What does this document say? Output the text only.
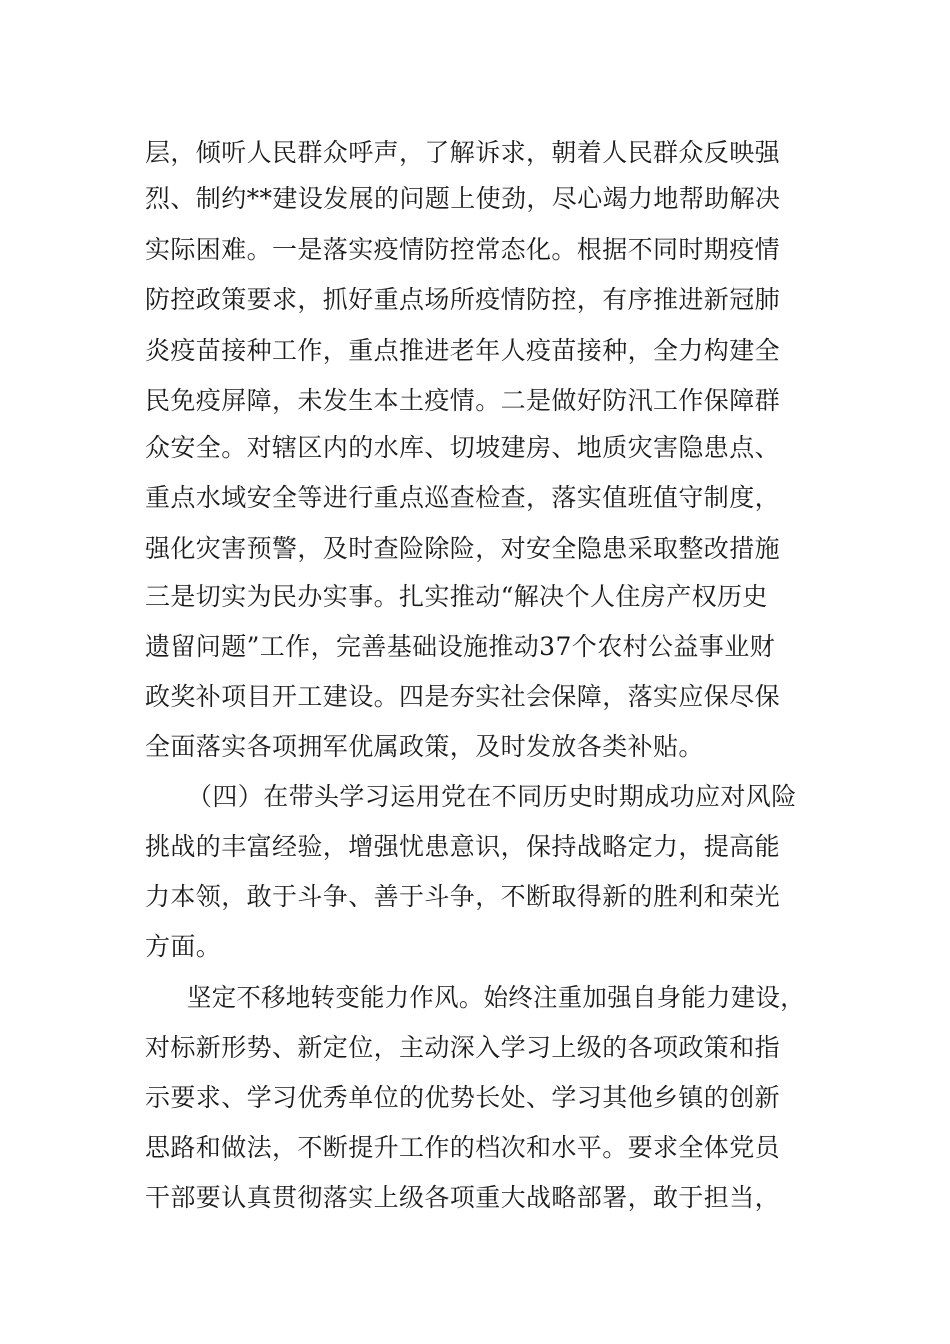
层，倾听人民群众呼声，了解诉求，朝着人民群众反映强
烈、制约**建设发展的问题上使劲，尽心竭力地帮助解决
实际困难。一是落实疫情防控常态化。根据不同时期疫情
防控政策要求，抓好重点场所疫情防控，有序推进新冠肺
炎疫苗接种工作，重点推进老年人疫苗接种，全力构建全
民免疫屏障，未发生本土疫情。二是做好防汛工作保障群
众安全。对辖区内的水库、切坡建房、地质灾害隐患点、
重点水域安全等进行重点巡查检查，落实值班值守制度，
强化灾害预警，及时查险除险，对安全隐患采取整改措施
三是切实为民办实事。扎实推动“解决个人住房产权历史
遗留问题”工作，完善基础设施推动37个农村公益事业财
政奖补项目开工建设。四是夯实社会保障，落实应保尽保
全面落实各项拥军优属政策，及时发放各类补贴。
（四）在带头学习运用党在不同历史时期成功应对风险
挑战的丰富经验，增强忧患意识，保持战略定力，提高能
力本领，敢于斗争、善于斗争，不断取得新的胜利和荣光
方面。
坚定不移地转变能力作风。始终注重加强自身能力建设，
对标新形势、新定位，主动深入学习上级的各项政策和指
示要求、学习优秀单位的优势长处、学习其他乡镇的创新
思路和做法，不断提升工作的档次和水平。要求全体党员
干部要认真贯彻落实上级各项重大战略部署，敢于担当，
